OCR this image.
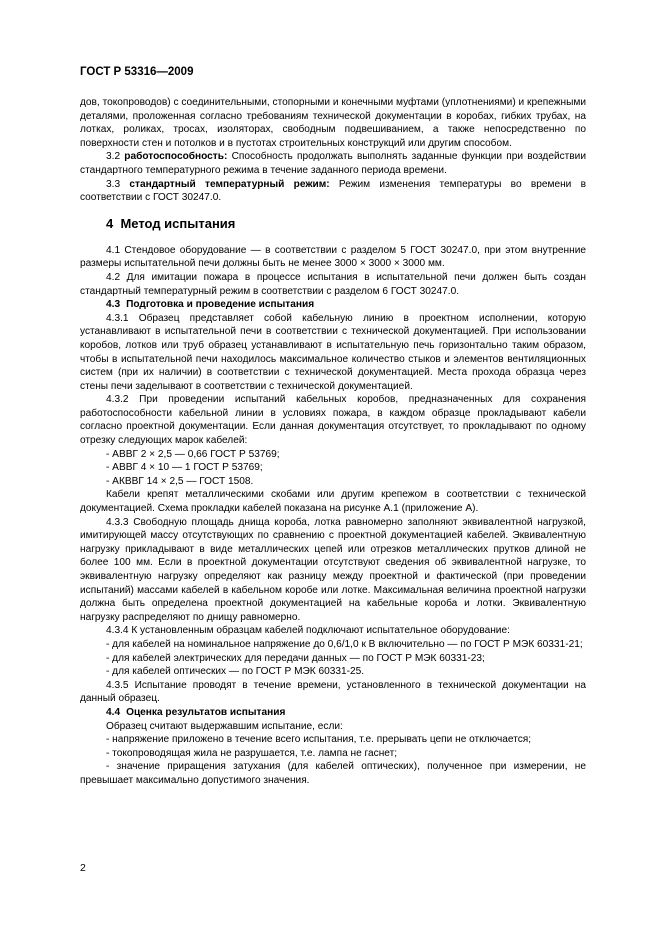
ГОСТ Р 53316—2009

дов, токопроводов) с соединительными, стопорными и конечными муфтами (уплотнениями) и крепежными деталями, проложенная согласно требованиям технической документации в коробах, гибких трубах, на лотках, роликах, тросах, изоляторах, свободным подвешиванием, а также непосредственно по поверхности стен и потолков и в пустотах строительных конструкций или другим способом.

3.2 работоспособность: Способность продолжать выполнять заданные функции при воздействии стандартного температурного режима в течение заданного периода времени.

3.3 стандартный температурный режим: Режим изменения температуры во времени в соответствии с ГОСТ 30247.0.

4 Метод испытания

4.1 Стендовое оборудование — в соответствии с разделом 5 ГОСТ 30247.0, при этом внутренние размеры испытательной печи должны быть не менее 3000 × 3000 × 3000 мм.

4.2 Для имитации пожара в процессе испытания в испытательной печи должен быть создан стандартный температурный режим в соответствии с разделом 6 ГОСТ 30247.0.

4.3 Подготовка и проведение испытания

4.3.1 Образец представляет собой кабельную линию в проектном исполнении, которую устанавливают в испытательной печи в соответствии с технической документацией. При использовании коробов, лотков или труб образец устанавливают в испытательную печь горизонтально таким образом, чтобы в испытательной печи находилось максимальное количество стыков и элементов вентиляционных систем (при их наличии) в соответствии с технической документацией. Места прохода образца через стены печи заделывают в соответствии с технической документацией.

4.3.2 При проведении испытаний кабельных коробов, предназначенных для сохранения работоспособности кабельной линии в условиях пожара, в каждом образце прокладывают кабели согласно проектной документации. Если данная документация отсутствует, то прокладывают по одному отрезку следующих марок кабелей:

- АВВГ 2 × 2,5 — 0,66 ГОСТ Р 53769;

- АВВГ 4 × 10 — 1 ГОСТ Р 53769;

- АКВВГ 14 × 2,5 — ГОСТ 1508.

Кабели крепят металлическими скобами или другим крепежом в соответствии с технической документацией. Схема прокладки кабелей показана на рисунке А.1 (приложение А).

4.3.3 Свободную площадь днища короба, лотка равномерно заполняют эквивалентной нагрузкой, имитирующей массу отсутствующих по сравнению с проектной документацией кабелей. Эквивалентную нагрузку прикладывают в виде металлических цепей или отрезков металлических прутков длиной не более 100 мм. Если в проектной документации отсутствуют сведения об эквивалентной нагрузке, то эквивалентную нагрузку определяют как разницу между проектной и фактической (при проведении испытаний) массами кабелей в кабельном коробе или лотке. Максимальная величина проектной нагрузки должна быть определена проектной документацией на кабельные короба и лотки. Эквивалентную нагрузку распределяют по днищу равномерно.

4.3.4 К установленным образцам кабелей подключают испытательное оборудование:

- для кабелей на номинальное напряжение до 0,6/1,0 к В включительно — по ГОСТ Р МЭК 60331-21;

- для кабелей электрических для передачи данных — по ГОСТ Р МЭК 60331-23;

- для кабелей оптических — по ГОСТ Р МЭК 60331-25.

4.3.5 Испытание проводят в течение времени, установленного в технической документации на данный образец.

4.4 Оценка результатов испытания

Образец считают выдержавшим испытание, если:

- напряжение приложено в течение всего испытания, т.е. прерывать цепи не отключается;

- токопроводящая жила не разрушается, т.е. лампа не гаснет;

- значение приращения затухания (для кабелей оптических), полученное при измерении, не превышает максимально допустимого значения.

2
